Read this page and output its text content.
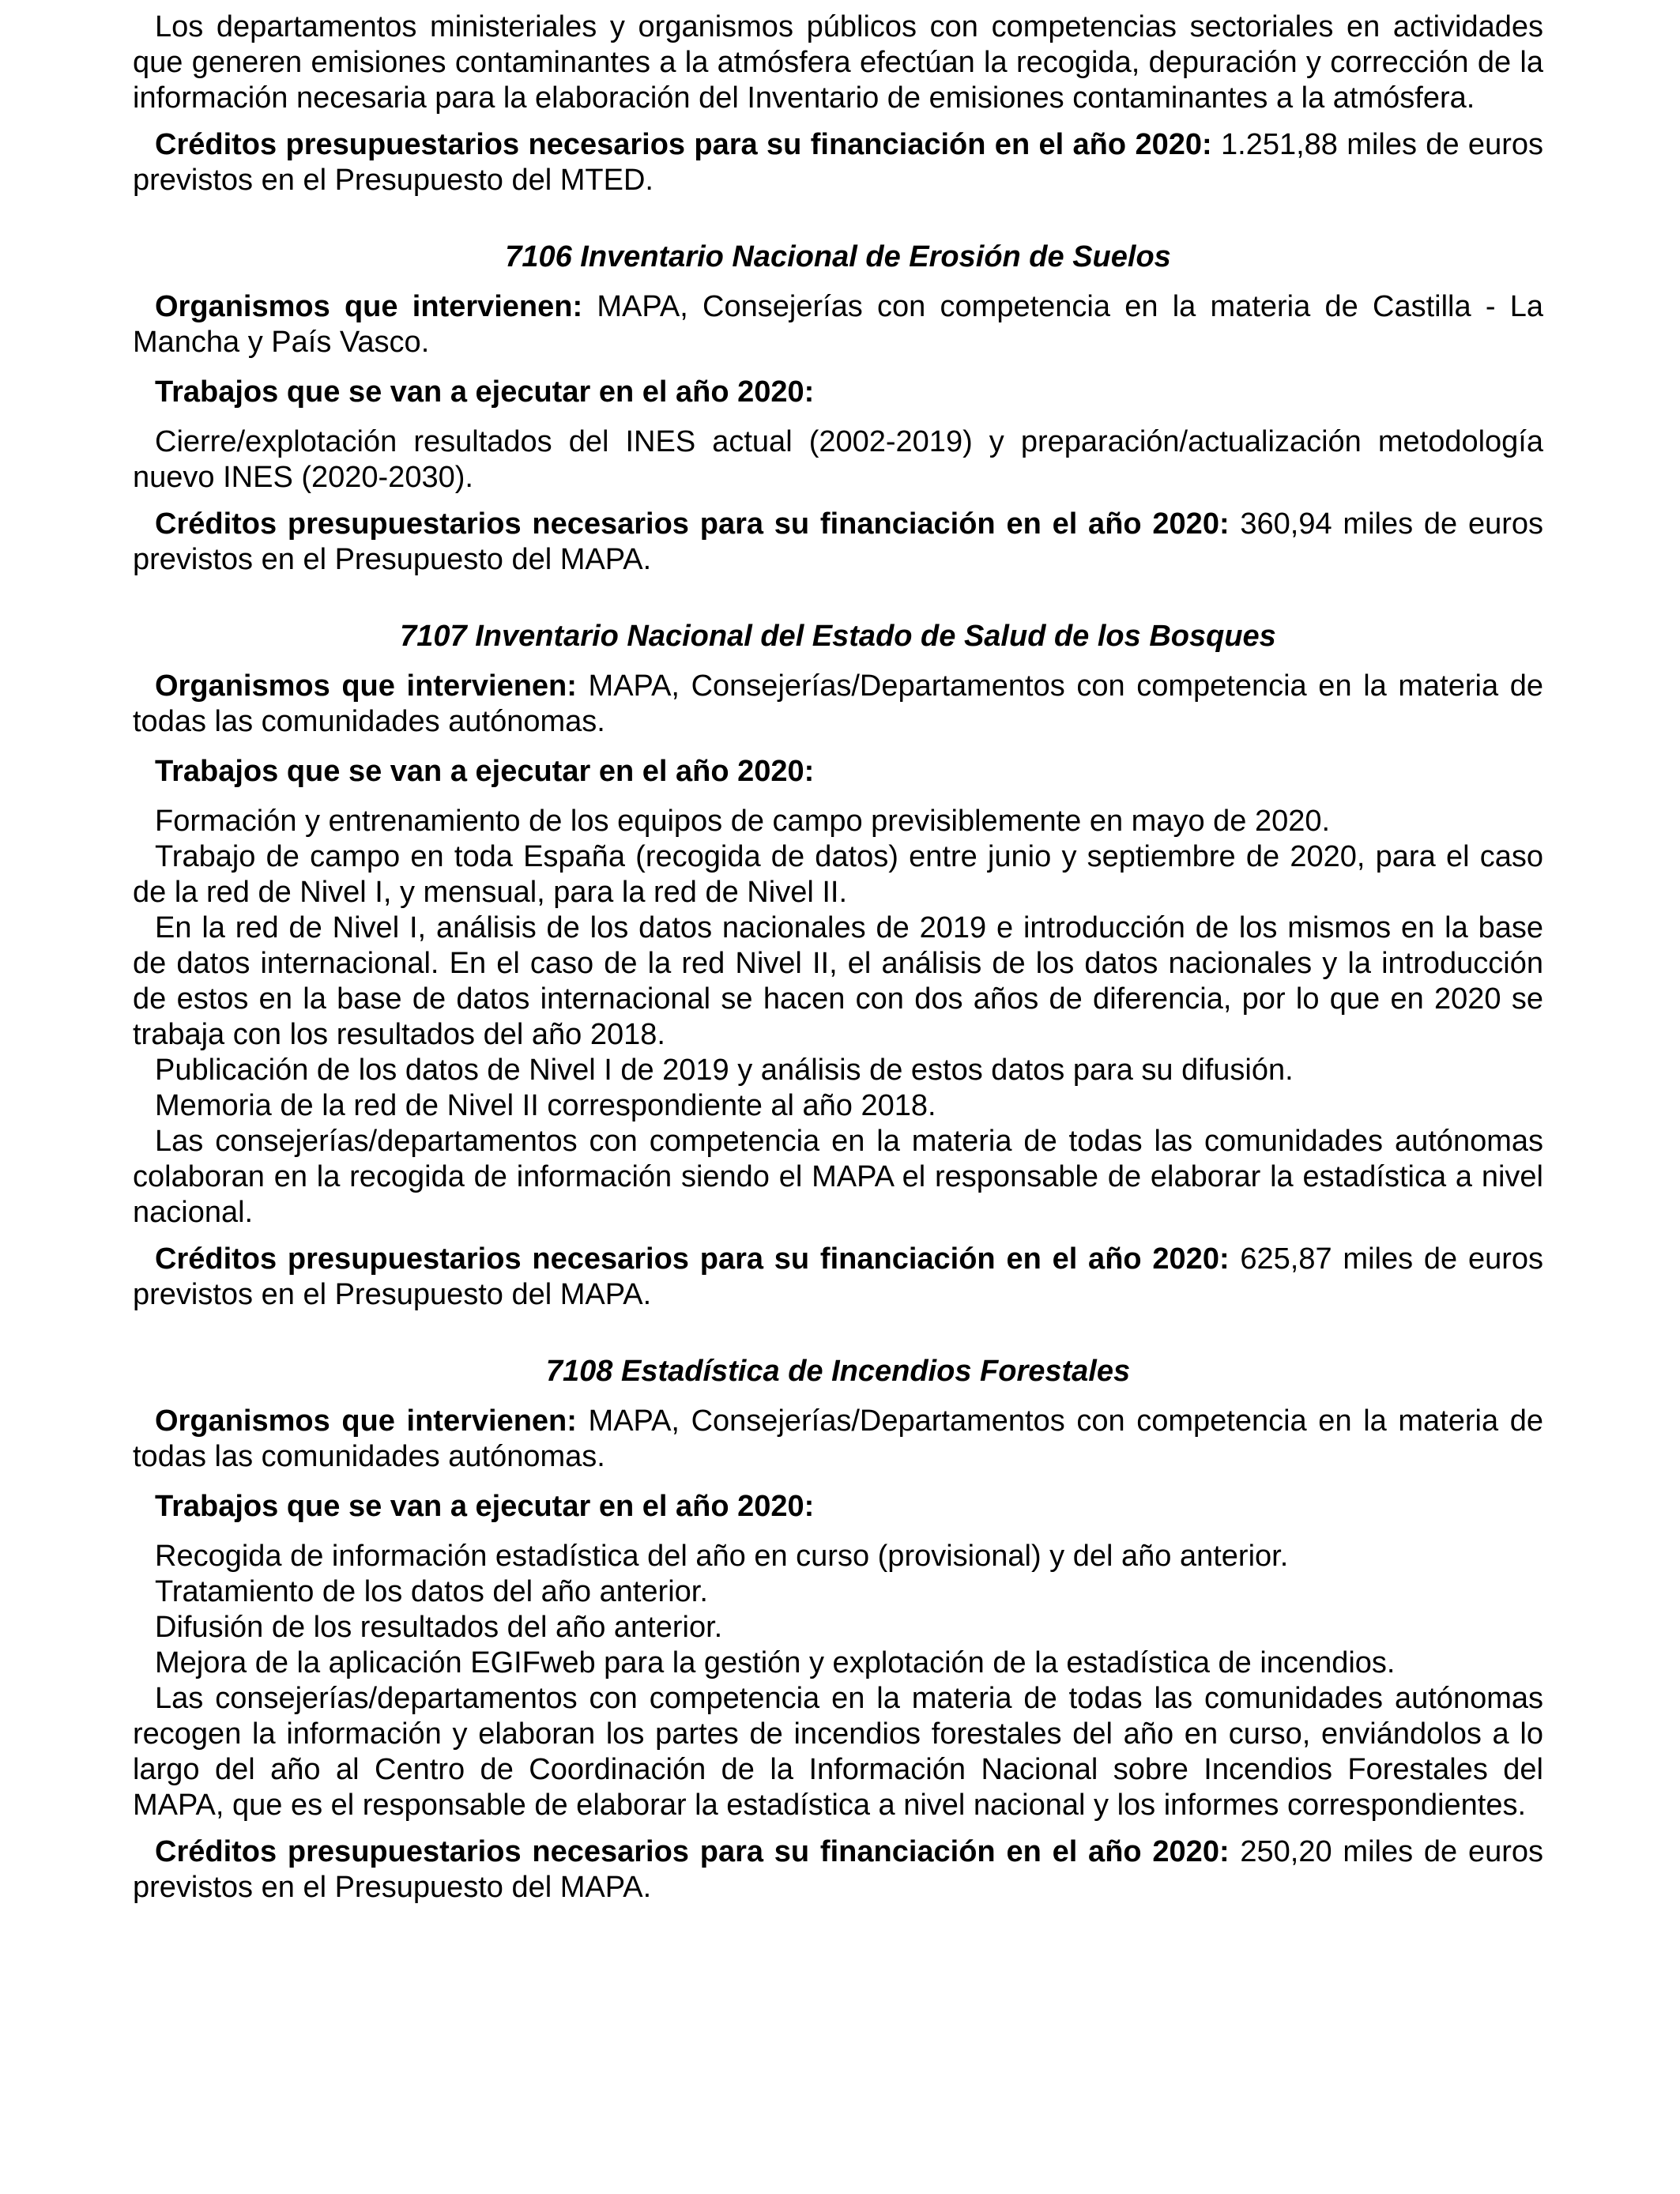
Los departamentos ministeriales y organismos públicos con competencias sectoriales en actividades que generen emisiones contaminantes a la atmósfera efectúan la recogida, depuración y corrección de la información necesaria para la elaboración del Inventario de emisiones contaminantes a la atmósfera.

Créditos presupuestarios necesarios para su financiación en el año 2020: 1.251,88 miles de euros previstos en el Presupuesto del MTED.

7106 Inventario Nacional de Erosión de Suelos

Organismos que intervienen: MAPA, Consejerías con competencia en la materia de Castilla - La Mancha y País Vasco.

Trabajos que se van a ejecutar en el año 2020:

Cierre/explotación resultados del INES actual (2002-2019) y preparación/actualización metodología nuevo INES (2020-2030).

Créditos presupuestarios necesarios para su financiación en el año 2020: 360,94 miles de euros previstos en el Presupuesto del MAPA.

7107 Inventario Nacional del Estado de Salud de los Bosques

Organismos que intervienen: MAPA, Consejerías/Departamentos con competencia en la materia de todas las comunidades autónomas.

Trabajos que se van a ejecutar en el año 2020:

Formación y entrenamiento de los equipos de campo previsiblemente en mayo de 2020.

Trabajo de campo en toda España (recogida de datos) entre junio y septiembre de 2020, para el caso de la red de Nivel I, y mensual, para la red de Nivel II.

En la red de Nivel I, análisis de los datos nacionales de 2019 e introducción de los mismos en la base de datos internacional. En el caso de la red Nivel II, el análisis de los datos nacionales y la introducción de estos en la base de datos internacional se hacen con dos años de diferencia, por lo que en 2020 se trabaja con los resultados del año 2018.

Publicación de los datos de Nivel I de 2019 y análisis de estos datos para su difusión.

Memoria de la red de Nivel II correspondiente al año 2018.

Las consejerías/departamentos con competencia en la materia de todas las comunidades autónomas colaboran en la recogida de información siendo el MAPA el responsable de elaborar la estadística a nivel nacional.

Créditos presupuestarios necesarios para su financiación en el año 2020: 625,87 miles de euros previstos en el Presupuesto del MAPA.

7108 Estadística de Incendios Forestales

Organismos que intervienen: MAPA, Consejerías/Departamentos con competencia en la materia de todas las comunidades autónomas.

Trabajos que se van a ejecutar en el año 2020:

Recogida de información estadística del año en curso (provisional) y del año anterior.

Tratamiento de los datos del año anterior.

Difusión de los resultados del año anterior.

Mejora de la aplicación EGIFweb para la gestión y explotación de la estadística de incendios.

Las consejerías/departamentos con competencia en la materia de todas las comunidades autónomas recogen la información y elaboran los partes de incendios forestales del año en curso, enviándolos a lo largo del año al Centro de Coordinación de la Información Nacional sobre Incendios Forestales del MAPA, que es el responsable de elaborar la estadística a nivel nacional y los informes correspondientes.

Créditos presupuestarios necesarios para su financiación en el año 2020: 250,20 miles de euros previstos en el Presupuesto del MAPA.
